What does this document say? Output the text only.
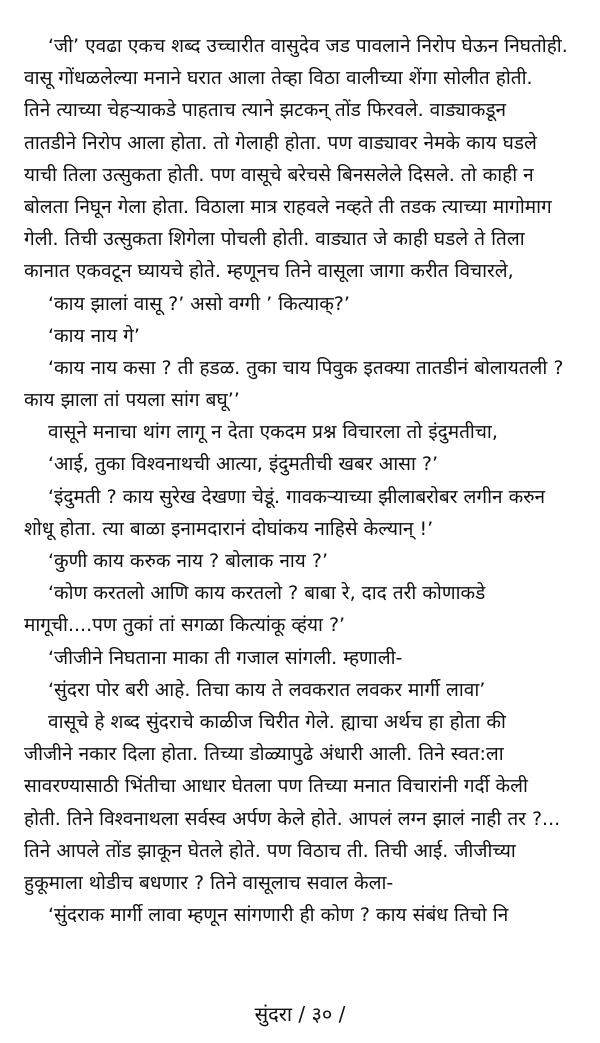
‘जी’ एवढा एकच शब्द उच्चारीत वासुदेव जड पावलाने निरोप घेऊन निघतोही.
वासू गोंधळलेल्या मनाने घरात आला तेव्हा विठा वालीच्या शेंगा सोलीत होती.
तिने त्याच्या चेहऱ्याकडे पाहताच त्याने झटकन् तोंड फिरवले. वाड्याकडून
तातडीने निरोप आला होता. तो गेलाही होता. पण वाड्यावर नेमके काय घडले
याची तिला उत्सुकता होती. पण वासूचे बरेचसे बिनसलेले दिसले. तो काही न
बोलता निघून गेला होता. विठाला मात्र राहवले नव्हते ती तडक त्याच्या मागोमाग
गेली. तिची उत्सुकता शिगेला पोचली होती. वाड्यात जे काही घडले ते तिला
कानात एकवटून घ्यायचे होते. म्हणूनच तिने वासूला जागा करीत विचारले,
‘काय झालां वासू ?’ असो वग्गी ’ कित्याक्?’
‘काय नाय गे’
‘काय नाय कसा ? ती हडळ. तुका चाय पिवुक इतक्या तातडीनं बोलायतली ?
काय झाला तां पयला सांग बघू’’
वासूने मनाचा थांग लागू न देता एकदम प्रश्न विचारला तो इंदुमतीचा,
‘आई, तुका विश्वनाथची आत्या, इंदुमतीची खबर आसा ?’
‘इंदुमती ? काय सुरेख देखणा चेडूं. गावकऱ्याच्या झीलाबरोबर लगीन करुन
शोधू होता. त्या बाळा इनामदारानं दोघांकय नाहिसे केल्यान् !’
‘कुणी काय करुक नाय ? बोलाक नाय ?’
‘कोण करतलो आणि काय करतलो ? बाबा रे, दाद तरी कोणाकडे
मागूची....पण तुकां तां सगळा कित्यांकू व्हंया ?’
‘जीजीने निघताना माका ती गजाल सांगली. म्हणाली-
‘सुंदरा पोर बरी आहे. तिचा काय ते लवकरात लवकर मार्गी लावा’
वासूचे हे शब्द सुंदराचे काळीज चिरीत गेले. ह्याचा अर्थच हा होता की
जीजीने नकार दिला होता. तिच्या डोळ्यापुढे अंधारी आली. तिने स्वत:ला
सावरण्यासाठी भिंतीचा आधार घेतला पण तिच्या मनात विचारांनी गर्दी केली
होती. तिने विश्वनाथला सर्वस्व अर्पण केले होते. आपलं लग्न झालं नाही तर ?...
तिने आपले तोंड झाकून घेतले होते. पण विठाच ती. तिची आई. जीजीच्या
हुकूमाला थोडीच बधणार ? तिने वासूलाच सवाल केला-
‘सुंदराक मार्गी लावा म्हणून सांगणारी ही कोण ? काय संबंध तिचो नि
सुंदरा / ३० /
